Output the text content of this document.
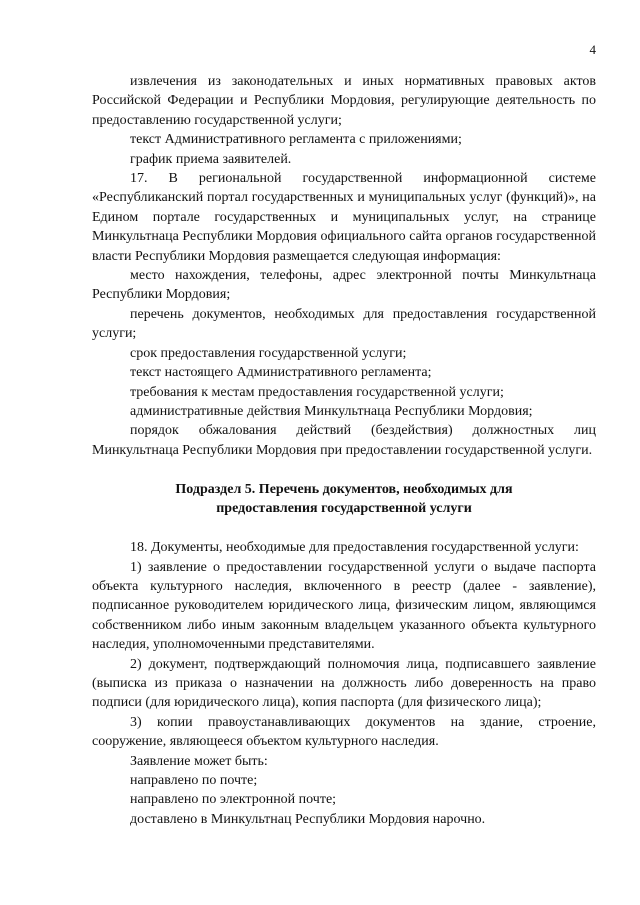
4

извлечения из законодательных и иных нормативных правовых актов Российской Федерации и Республики Мордовия, регулирующие деятельность по предоставлению государственной услуги;

текст Административного регламента с приложениями;

график приема заявителей.

17. В региональной государственной информационной системе «Республиканский портал государственных и муниципальных услуг (функций)», на Едином портале государственных и муниципальных услуг, на странице Минкультнаца Республики Мордовия официального сайта органов государственной власти Республики Мордовия размещается следующая информация:

место нахождения, телефоны, адрес электронной почты Минкультнаца Республики Мордовия;

перечень документов, необходимых для предоставления государственной услуги;

срок предоставления государственной услуги;

текст настоящего Административного регламента;

требования к местам предоставления государственной услуги;

административные действия Минкультнаца Республики Мордовия;

порядок обжалования действий (бездействия) должностных лиц Минкультнаца Республики Мордовия при предоставлении государственной услуги.

Подраздел 5. Перечень документов, необходимых для предоставления государственной услуги

18. Документы, необходимые для предоставления государственной услуги:

1) заявление о предоставлении государственной услуги о выдаче паспорта объекта культурного наследия, включенного в реестр (далее - заявление), подписанное руководителем юридического лица, физическим лицом, являющимся собственником либо иным законным владельцем указанного объекта культурного наследия, уполномоченными представителями.

2) документ, подтверждающий полномочия лица, подписавшего заявление (выписка из приказа о назначении на должность либо доверенность на право подписи (для юридического лица), копия паспорта (для физического лица);

3) копии правоустанавливающих документов на здание, строение, сооружение, являющееся объектом культурного наследия.

Заявление может быть:

направлено по почте;

направлено по электронной почте;

доставлено в Минкультнац Республики Мордовия нарочно.
